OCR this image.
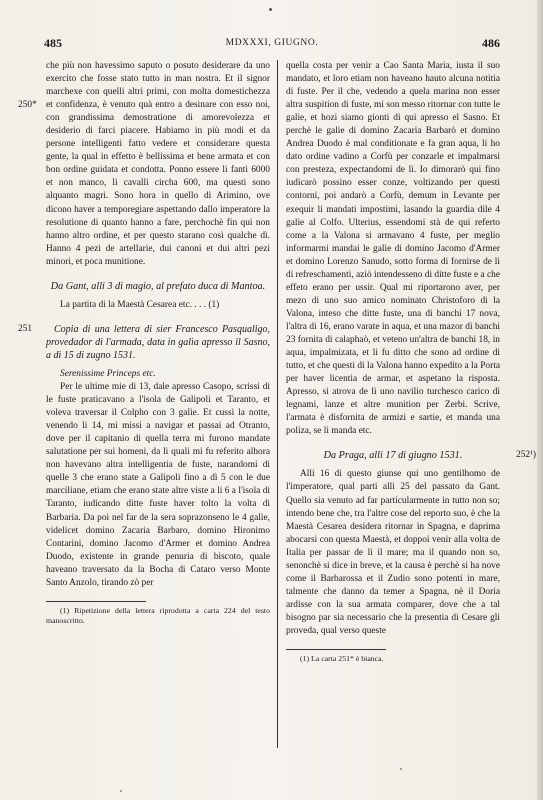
485	MDXXXI, GIUGNO.	486
250*

che più non havessimo saputo o posuto desiderare da uno exercito che fosse stato tutto in man nostra. Et il signor marchexe con quelli altri primi, con molta domestichezza et confidenza, è venuto quà entro a desinare con esso noi, con grandissima demostratione di amorevolezza et desiderio di farci piacere. Habiamo in più modi et da persone intelligenti fatto vedere et considerare questa gente, la qual in effetto è bellissima et bene armata et con bon ordine guidata et condotta. Ponno essere li fanti 6000 et non manco, li cavalli circha 600, ma questi sono alquanto magri. Sono hora in quello di Arimino, ove dicono haver a temporegiare aspettando dallo imperatore la resolutione di quanto hanno a fare, perchochè fin qui non hanno altro ordine, et per questo starano così qualche dì. Hanno 4 pezi de artellarie, dui canoni et dui altri pezi minori, et poca munitione.

Da Gant, alli 3 di magio, al prefato duca di Mantoa.

La partita di la Maestà Cesarea etc. . . . (1)

251	Copia di una lettera di sier Francesco Pasqualigo, provedador di l'armada, data in galìa apresso il Sasno, a dì 15 di zugno 1531.

Serenissime Princeps etc.

Per le ultime mie di 13, dale apresso Casopo, scrissi di le fuste praticavano a l'isola de Galipoli et Taranto, et voleva traversar il Colpho con 3 galìe. Et cussì la notte, venendo li 14, mi missi a navigar et passai ad Otranto, dove per il capitanio di quella terra mi furono mandate salutatione per sui homeni, da li quali mi fu referito alhora non havevano altra intelligentia de fuste, narandomi di quelle 3 che erano state a Galipoli fino a dì 5 con le due marciliane, etiam che erano state altre viste a li 6 a l'isola di Taranto, iudicando ditte fuste haver tolto la volta di Barbaria. Da poi nel far de la sera soprazonseno le 4 galìe, videlicet domino Zacaria Barbaro, domino Hironimo Contarini, domino Jacomo d'Armer et domino Andrea Duodo, existente in grande penuria di biscoto, quale haveano traversato da la Bocha di Cataro verso Monte Santo Anzolo, tirando zò per

(1) Ripetizione della lettera riprodotta a carta 224 del testo manoscritto.

quella costa per venir a Cao Santa Maria, iusta il suo mandato, et loro etiam non haveano hauto alcuna notitia di fuste. Per il che, vedendo a quela marina non esser altra suspition di fuste, mi son messo ritornar con tutte le galìe, et hozi siamo gionti di qui apresso el Sasno. Et perchè le galìe di domino Zacaria Barbarò et domino Andrea Duodo è mal conditionate e fa gran aqua, li ho dato ordine vadino a Corfù per conzarle et impalmarsi con presteza, expectandomi de lì. Io dimorarò qui fino iudicarò possino esser conze, voltizando per questi contorni, poi andarò a Corfù, demum in Levante per exequir li mandati impostimi, lasando la guardia dile 4 galìe al Colfo. Ulterius, essendomi stà de qui referto come a la Valona si armavano 4 fuste, per meglio informarmi mandai le galìe di domino Jacomo d'Armer et domino Lorenzo Sanudo, sotto forma di fornirse de li di refreschamenti, aziò intendesseno di ditte fuste e a che effeto erano per ussir. Qual mi riportarono aver, per mezo di uno suo amico nominato Christoforo di la Valona, inteso che ditte fuste, una di banchi 17 nova, l'altra di 16, erano varate in aqua, et una mazor di banchi 23 fornita di calaphaò, et veteno un'altra de banchi 18, in aqua, impalmizata, et li fu ditto che sono ad ordine di tutto, et che questi di la Valona hanno expedito a la Porta per haver licentia de armar, et aspetano la risposta. Apresso, si atrova de lì uno navilio turchesco carico di legnami, lanze et altre munition per Zerbi. Scrive, l'armata è disfornita de armizi e sartie, et manda una poliza, se li manda etc.

Da Praga, alli 17 di giugno 1531.	252¹)

Alli 16 di questo giunse qui uno gentilhomo de l'imperatore, qual parti alli 25 del passato da Gant. Quello sia venuto ad far particularmente in tutto non so; intendo bene che, tra l'altre cose del reporto suo, è che la Maestà Cesarea desidera ritornar in Spagna, e daprima abocarsi con questa Maestà, et doppoi venir alla volta de Italia per passar de lì il mare; ma il quando non so, senonchè si dice in breve, et la causa è perchè si ha nove come il Barbarossa et il Zudio sono potenti in mare, talmente che danno da temer a Spagna, nè il Doria ardisse con la sua armata comparer, dove che a tal bisogno par sia necessario che la presentia di Cesare gli proveda, qual verso queste

(1) La carta 251* è bianca.
